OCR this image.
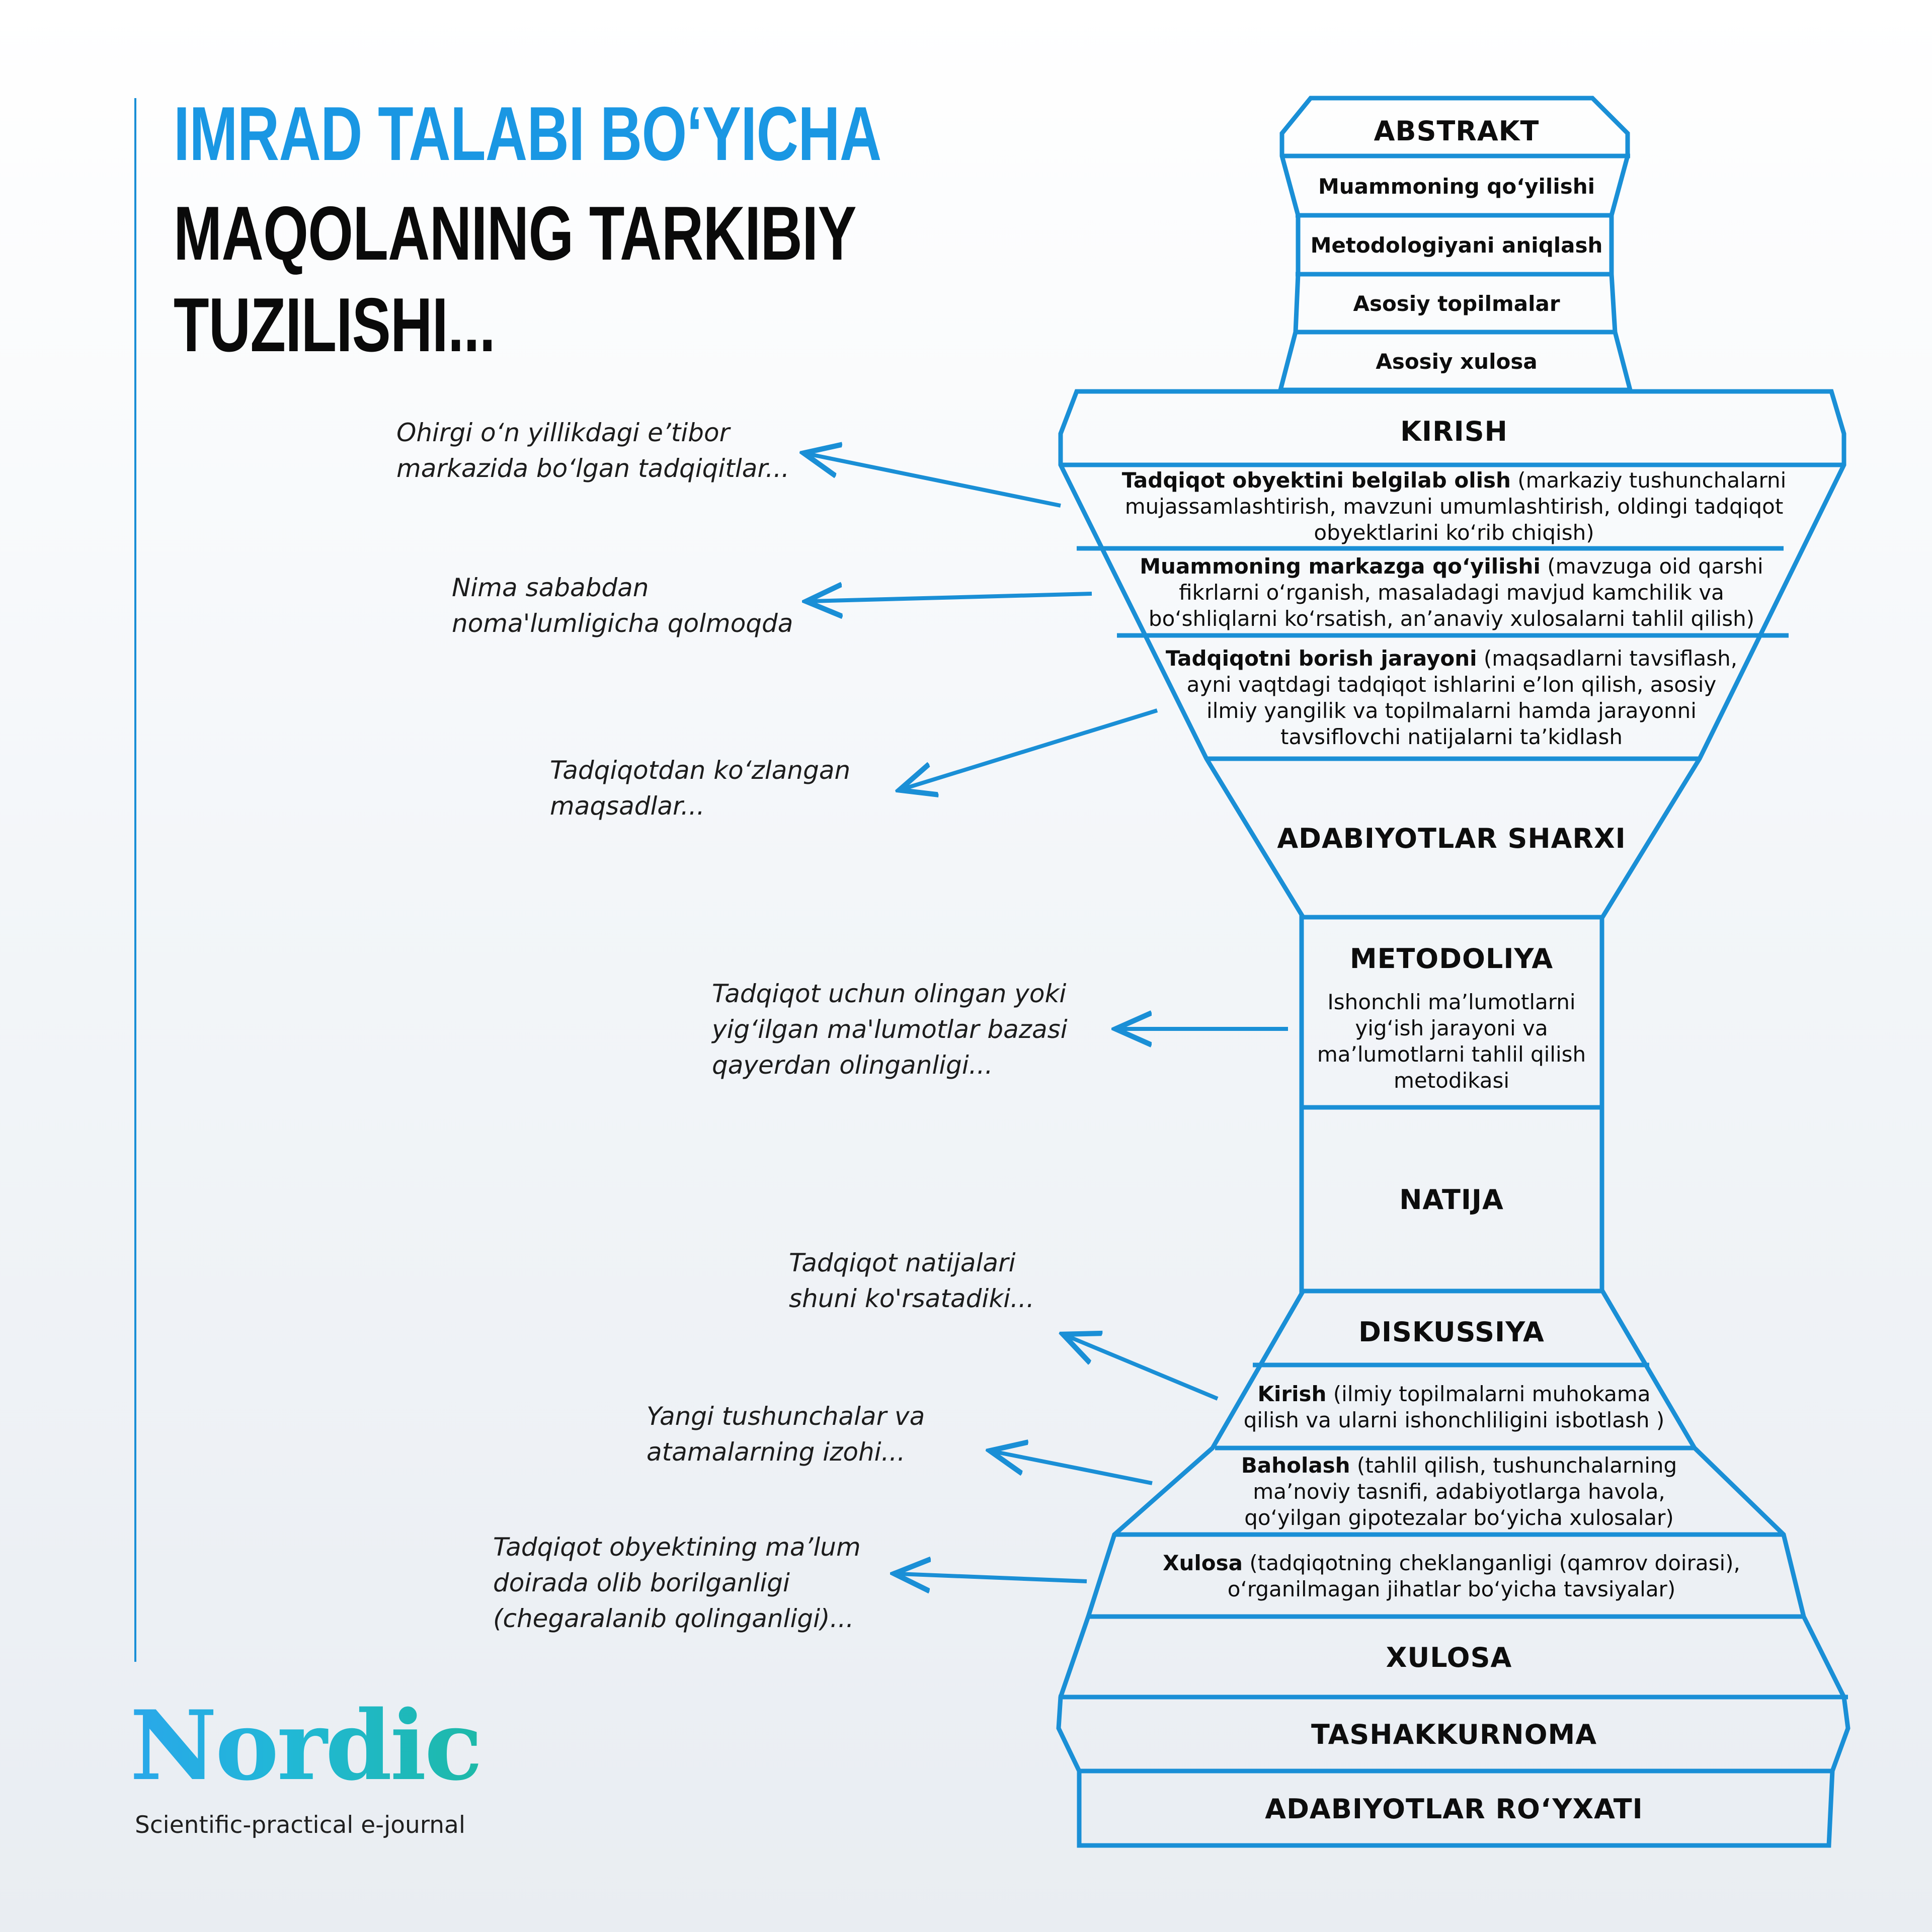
IMRAD TALABI BO‘YICHA
MAQOLANING TARKIBIY
TUZILISHI...
ABSTRAKT
Muammoning qo‘yilishi
Metodologiyani aniqlash
Asosiy topilmalar
Asosiy xulosa
KIRISH

Tadqiqot obyektini belgilab olish (markaziy tushunchalarni mujassamlashtirish, mavzuni umumlashtirish, oldingi tadqiqot obyektlarini ko‘rib chiqish)

Muammoning markazga qo‘yilishi (mavzuga oid qarshi fikrlarni o‘rganish, masaladagi mavjud kamchilik va bo‘shliqlarni ko‘rsatish, an’anaviy xulosalarni tahlil qilish)

Tadqiqotni borish jarayoni (maqsadlarni tavsiflash, ayni vaqtdagi tadqiqot ishlarini e’lon qilish, asosiy ilmiy yangilik va topilmalarni hamda jarayonni tavsiflovchi natijalarni ta’kidlash

ADABIYOTLAR SHARXI
METODOLIYA

Ishonchli ma’lumotlarni yig‘ish jarayoni va ma’lumotlarni tahlil qilish metodikasi

NATIJA
DISKUSSIYA

Kirish (ilmiy topilmalarni muhokama qilish va ularni ishonchliligini isbotlash )

Baholash (tahlil qilish, tushunchalarning ma’noviy tasnifi, adabiyotlarga havola, qo‘yilgan gipotezalar bo‘yicha xulosalar)

Xulosa (tadqiqotning cheklanganligi (qamrov doirasi), o‘rganilmagan jihatlar bo‘yicha tavsiyalar)

XULOSA
TASHAKKURNOMA
ADABIYOTLAR RO‘YXATI
Ohirgi o‘n yillikdagi e’tibor
markazida bo‘lgan tadqiqitlar...
Nima sababdan
noma'lumligicha qolmoqda
Tadqiqotdan ko‘zlangan
maqsadlar...
Tadqiqot uchun olingan yoki
yig‘ilgan ma'lumotlar bazasi
qayerdan olinganligi...
Tadqiqot natijalari
shuni ko'rsatadiki...
Yangi tushunchalar va
atamalarning izohi...
Tadqiqot obyektining ma’lum
doirada olib borilganligi
(chegaralanib qolinganligi)...
Nordic
Scientific-practical e-journal
